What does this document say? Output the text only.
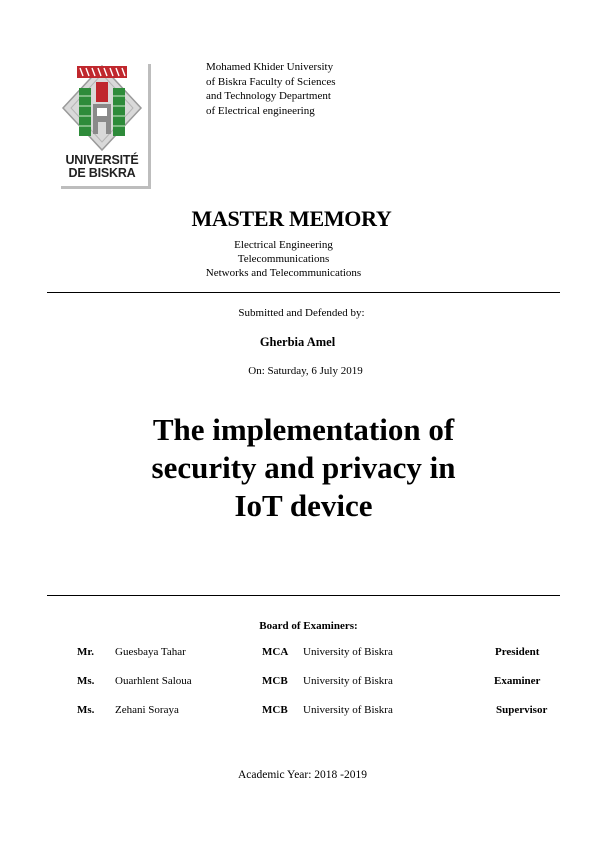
UNIVERSITÉ
DE BISKRA
Mohamed Khider University
of Biskra Faculty of Sciences
and Technology Department
of Electrical engineering
MASTER MEMORY
Electrical Engineering
Telecommunications
Networks and Telecommunications
Submitted and Defended by:
Gherbia Amel
On: Saturday, 6 July 2019
The implementation of
security and privacy in
IoT device
Board of Examiners:
Mr. Guesbaya Tahar	MCA University of Biskra	President
Ms. Ouarhlent Saloua	MCB University of Biskra	Examiner
Ms. Zehani Soraya	MCB University of Biskra	Supervisor
Academic Year: 2018 -2019
